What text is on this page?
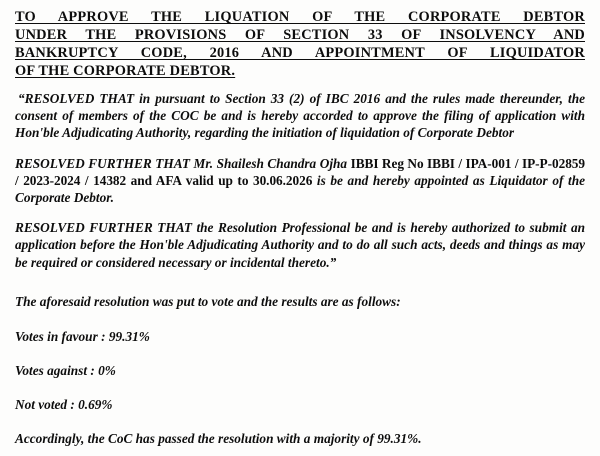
TO APPROVE THE LIQUATION OF THE CORPORATE DEBTOR
UNDER THE PROVISIONS OF SECTION 33 OF INSOLVENCY AND
BANKRUPTCY CODE, 2016 AND APPOINTMENT OF LIQUIDATOR
OF THE CORPORATE DEBTOR.

“RESOLVED THAT in pursuant to Section 33 (2) of IBC 2016 and the rules made thereunder, the consent of members of the COC be and is hereby accorded to approve the filing of application with Hon'ble Adjudicating Authority, regarding the initiation of liquidation of Corporate Debtor

RESOLVED FURTHER THAT Mr. Shailesh Chandra Ojha IBBI Reg No IBBI / IPA-001 / IP-P-02859 / 2023-2024 / 14382 and AFA valid up to 30.06.2026 is be and hereby appointed as Liquidator of the Corporate Debtor.

RESOLVED FURTHER THAT the Resolution Professional be and is hereby authorized to submit an application before the Hon'ble Adjudicating Authority and to do all such acts, deeds and things as may be required or considered necessary or incidental thereto.”

The aforesaid resolution was put to vote and the results are as follows:

Votes in favour : 99.31%

Votes against : 0%

Not voted : 0.69%

Accordingly, the CoC has passed the resolution with a majority of 99.31%.
